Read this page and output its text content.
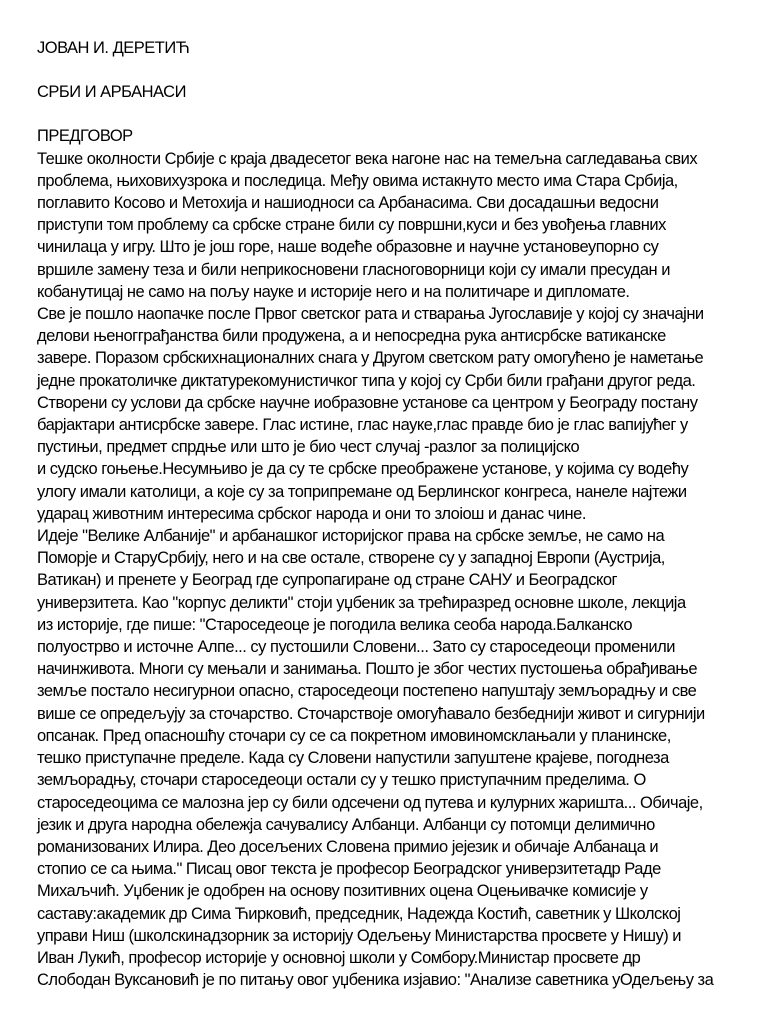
ЈОВАН И. ДЕРЕТИЋ
СРБИ И АРБАНАСИ
ПРЕДГОВОР
Тешке околности Србије с краја двадесетог века нагоне нас на темељна сагледавања свих
проблема, њиховихузрока и последица. Међу овима истакнуто место има Стара Србија,
поглавито Косово и Метохија и нашиодноси са Арбанасима. Сви досадашњи ведосни
приступи том проблему са србске стране били су површни,куси и без увођења главних
чинилаца у игру. Што је још горе, наше водеће образовне и научне установеупорно су
вршиле замену теза и били неприкосновени гласноговорници који су имали пресудан и
кобанутицај не само на пољу науке и историје него и на политичаре и дипломате.
Све је пошло наопачке после Првог светског рата и стварања Југославије у којој су значајни
делови њеногграђанства били продужена, а и непосредна рука антисрбске ватиканске
завере. Поразом србскихнационалних снага у Другом светском рату омогућено је наметање
једне прокатоличке диктатурекомунистичког типа у којој су Срби били грађани другог реда.
Створени су услови да србске научне иобразовне установе са центром у Београду постану
барјактари антисрбске завере. Глас истине, глас науке,глас правде био је глас вапијућег у
пустињи, предмет спрдње или што је био чест случај -разлог за полицијско
и судско гоњење.Несумњиво је да су те србске преображене установе, у којима су водећу
улогу имали католици, а које су за топрипремане од Берлинског конгреса, нанеле најтежи
ударац животним интересима србског народа и они то злоіош и данас чине.
Идеје "Велике Албаније" и арбанашког историјског права на србске земље, не само на
Поморје и СтаруСрбију, него и на све остале, створене су у западној Европи (Аустрија,
Ватикан) и пренете у Београд где супропагиране од стране САНУ и Београдског
универзитета. Као "корпус деликти" стоји уџбеник за трећиразред основне школе, лекција
из историје, где пише: "Староседеоце је погодила велика сеоба народа.Балканско
полуострво и источне Алпе... су пустошили Словени... Зато су староседеоци променили
начинживота. Многи су мењали и занимања. Пошто је због честих пустошења обрађивање
земље постало несигурнои опасно, староседеоци постепено напуштају земљорадњу и све
више се опредељују за сточарство. Сточарствоје омогућавало безбеднији живот и сигурнији
опсанак. Пред опасношћу сточари су се са покретном имовиномсклањали у планинске,
тешко приступачне пределе. Када су Словени напустили запуштене крајеве, погоднеза
земљорадњу, сточари староседеоци остали су у тешко приступачним пределима. О
староседеоцима се малозна јер су били одсечени од путева и кулурних жаришта... Обичаје,
језик и друга народна обележја сачувалису Албанци. Албанци су потомци делимично
романизованих Илира. Део досељених Словена примио јејезик и обичаје Албанаца и
стопио се са њима." Писац овог текста је професор Београдског универзитетадр Раде
Михаљчић. Уџбеник је одобрен на основу позитивних оцена Оцењивачке комисије у
саставу:академик др Сима Ћирковић, председник, Надежда Костић, саветник у Школској
управи Ниш (школскинадзорник за историју Одељењу Министарства просвете у Нишу) и
Иван Лукић, професор историје у основној школи у Сомбору.Министар просвете др
Слободан Вуксановић је по питању овог уџбеника изјавио: "Анализе саветника уОдељењу за
